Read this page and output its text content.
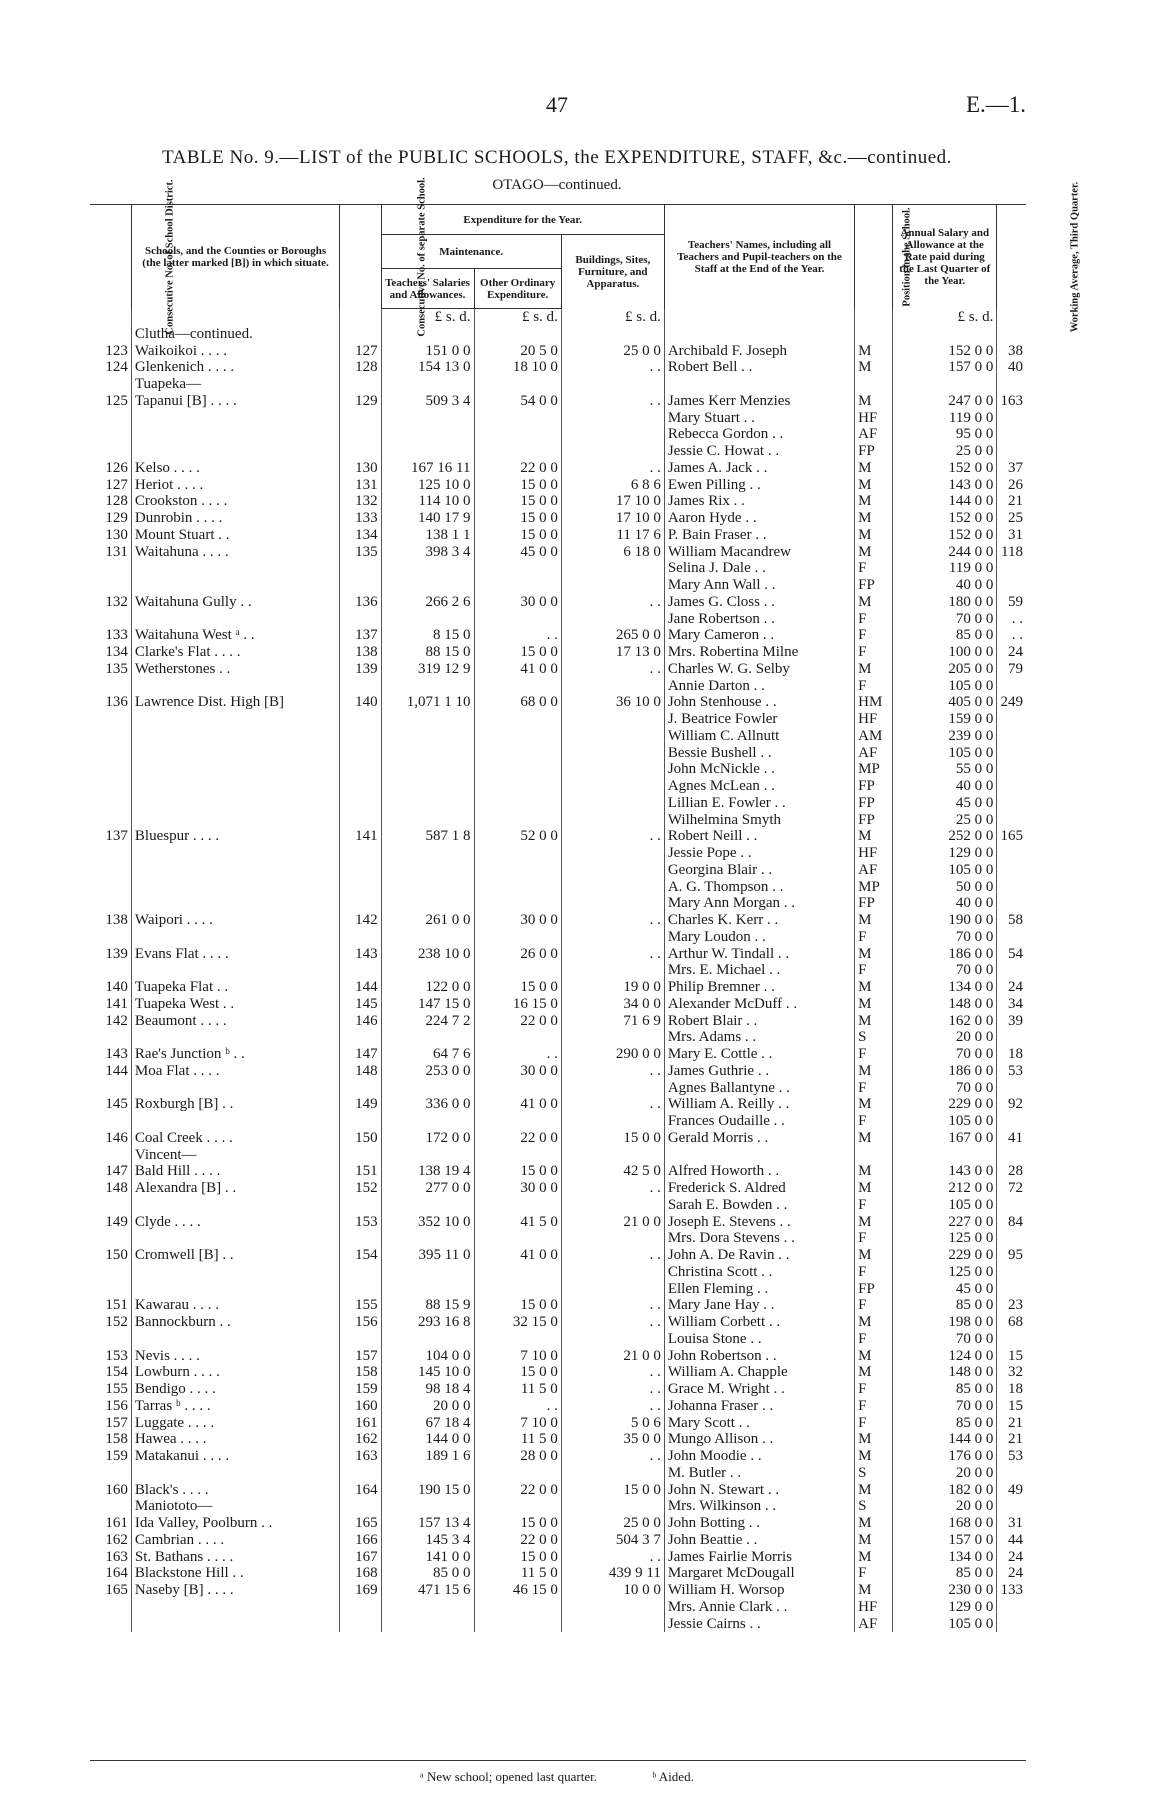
47	E.—1.
TABLE No. 9.—LIST of the PUBLIC SCHOOLS, the EXPENDITURE, STAFF, &c.—continued.
OTAGO—continued.
Consecutive No. of School District.	Schools, and the Counties or Boroughs (the latter marked [B]) in which situate.	Consecutive No. of separate School.	Expenditure for the Year.			Teachers' Names, including all Teachers and Pupil-teachers on the Staff at the End of the Year.	Position in the School.	Annual Salary and Allowance at the Rate paid during the Last Quarter of the Year.	Working Average, Third Quarter.
			Maintenance.		Buildings, Sites, Furniture, and Apparatus.				
			Teachers' Salaries and Allowances.	Other Ordinary Expenditure.					
			£ s. d.	£ s. d.	£ s. d.			£ s. d.	
	Clutha—continued.								
123	Waikoikoi . . . .	127	151 0 0	20 5 0	25 0 0	Archibald F. Joseph	M	152 0 0	38
124	Glenkenich . . . .	128	154 13 0	18 10 0	. .	Robert Bell . .	M	157 0 0	40
	Tuapeka—								
125	Tapanui [B] . . . .	129	509 3 4	54 0 0	. .	James Kerr Menzies	M	247 0 0	163
						Mary Stuart . .	HF	119 0 0	
						Rebecca Gordon . .	AF	95 0 0	
						Jessie C. Howat . .	FP	25 0 0	
126	Kelso . . . .	130	167 16 11	22 0 0	. .	James A. Jack . .	M	152 0 0	37
127	Heriot . . . .	131	125 10 0	15 0 0	6 8 6	Ewen Pilling . .	M	143 0 0	26
128	Crookston . . . .	132	114 10 0	15 0 0	17 10 0	James Rix . .	M	144 0 0	21
129	Dunrobin . . . .	133	140 17 9	15 0 0	17 10 0	Aaron Hyde . .	M	152 0 0	25
130	Mount Stuart . .	134	138 1 1	15 0 0	11 17 6	P. Bain Fraser . .	M	152 0 0	31
131	Waitahuna . . . .	135	398 3 4	45 0 0	6 18 0	William Macandrew	M	244 0 0	118
						Selina J. Dale . .	F	119 0 0	
						Mary Ann Wall . .	FP	40 0 0	
132	Waitahuna Gully . .	136	266 2 6	30 0 0	. .	James G. Closs . .	M	180 0 0	59
						Jane Robertson . .	F	70 0 0	. .
133	Waitahuna West ᵃ . .	137	8 15 0	. .	265 0 0	Mary Cameron . .	F	85 0 0	. .
134	Clarke's Flat . . . .	138	88 15 0	15 0 0	17 13 0	Mrs. Robertina Milne	F	100 0 0	24
135	Wetherstones . .	139	319 12 9	41 0 0	. .	Charles W. G. Selby	M	205 0 0	79
						Annie Darton . .	F	105 0 0	
136	Lawrence Dist. High [B]	140	1,071 1 10	68 0 0	36 10 0	John Stenhouse . .	HM	405 0 0	249
						J. Beatrice Fowler	HF	159 0 0	
						William C. Allnutt	AM	239 0 0	
						Bessie Bushell . .	AF	105 0 0	
						John McNickle . .	MP	55 0 0	
						Agnes McLean . .	FP	40 0 0	
						Lillian E. Fowler . .	FP	45 0 0	
						Wilhelmina Smyth	FP	25 0 0	
137	Bluespur . . . .	141	587 1 8	52 0 0	. .	Robert Neill . .	M	252 0 0	165
						Jessie Pope . .	HF	129 0 0	
						Georgina Blair . .	AF	105 0 0	
						A. G. Thompson . .	MP	50 0 0	
						Mary Ann Morgan . .	FP	40 0 0	
138	Waipori . . . .	142	261 0 0	30 0 0	. .	Charles K. Kerr . .	M	190 0 0	58
						Mary Loudon . .	F	70 0 0	
139	Evans Flat . . . .	143	238 10 0	26 0 0	. .	Arthur W. Tindall . .	M	186 0 0	54
						Mrs. E. Michael . .	F	70 0 0	
140	Tuapeka Flat . .	144	122 0 0	15 0 0	19 0 0	Philip Bremner . .	M	134 0 0	24
141	Tuapeka West . .	145	147 15 0	16 15 0	34 0 0	Alexander McDuff . .	M	148 0 0	34
142	Beaumont . . . .	146	224 7 2	22 0 0	71 6 9	Robert Blair . .	M	162 0 0	39
						Mrs. Adams . .	S	20 0 0	
143	Rae's Junction ᵇ . .	147	64 7 6	. .	290 0 0	Mary E. Cottle . .	F	70 0 0	18
144	Moa Flat . . . .	148	253 0 0	30 0 0	. .	James Guthrie . .	M	186 0 0	53
						Agnes Ballantyne . .	F	70 0 0	
145	Roxburgh [B] . .	149	336 0 0	41 0 0	. .	William A. Reilly . .	M	229 0 0	92
						Frances Oudaille . .	F	105 0 0	
146	Coal Creek . . . .	150	172 0 0	22 0 0	15 0 0	Gerald Morris . .	M	167 0 0	41
	Vincent—								
147	Bald Hill . . . .	151	138 19 4	15 0 0	42 5 0	Alfred Howorth . .	M	143 0 0	28
148	Alexandra [B] . .	152	277 0 0	30 0 0	. .	Frederick S. Aldred	M	212 0 0	72
						Sarah E. Bowden . .	F	105 0 0	
149	Clyde . . . .	153	352 10 0	41 5 0	21 0 0	Joseph E. Stevens . .	M	227 0 0	84
						Mrs. Dora Stevens . .	F	125 0 0	
150	Cromwell [B] . .	154	395 11 0	41 0 0	. .	John A. De Ravin . .	M	229 0 0	95
						Christina Scott . .	F	125 0 0	
						Ellen Fleming . .	FP	45 0 0	
151	Kawarau . . . .	155	88 15 9	15 0 0	. .	Mary Jane Hay . .	F	85 0 0	23
152	Bannockburn . .	156	293 16 8	32 15 0	. .	William Corbett . .	M	198 0 0	68
						Louisa Stone . .	F	70 0 0	
153	Nevis . . . .	157	104 0 0	7 10 0	21 0 0	John Robertson . .	M	124 0 0	15
154	Lowburn . . . .	158	145 10 0	15 0 0	. .	William A. Chapple	M	148 0 0	32
155	Bendigo . . . .	159	98 18 4	11 5 0	. .	Grace M. Wright . .	F	85 0 0	18
156	Tarras ᵇ . . . .	160	20 0 0	. .	. .	Johanna Fraser . .	F	70 0 0	15
157	Luggate . . . .	161	67 18 4	7 10 0	5 0 6	Mary Scott . .	F	85 0 0	21
158	Hawea . . . .	162	144 0 0	11 5 0	35 0 0	Mungo Allison . .	M	144 0 0	21
159	Matakanui . . . .	163	189 1 6	28 0 0	. .	John Moodie . .	M	176 0 0	53
						M. Butler . .	S	20 0 0	
160	Black's . . . .	164	190 15 0	22 0 0	15 0 0	John N. Stewart . .	M	182 0 0	49
	Maniototo—					Mrs. Wilkinson . .	S	20 0 0	
161	Ida Valley, Poolburn . .	165	157 13 4	15 0 0	25 0 0	John Botting . .	M	168 0 0	31
162	Cambrian . . . .	166	145 3 4	22 0 0	504 3 7	John Beattie . .	M	157 0 0	44
163	St. Bathans . . . .	167	141 0 0	15 0 0	. .	James Fairlie Morris	M	134 0 0	24
164	Blackstone Hill . .	168	85 0 0	11 5 0	439 9 11	Margaret McDougall	F	85 0 0	24
165	Naseby [B] . . . .	169	471 15 6	46 15 0	10 0 0	William H. Worsop	M	230 0 0	133
						Mrs. Annie Clark . .	HF	129 0 0	
						Jessie Cairns . .	AF	105 0 0	
ᵃ New school; opened last quarter.	ᵇ Aided.
